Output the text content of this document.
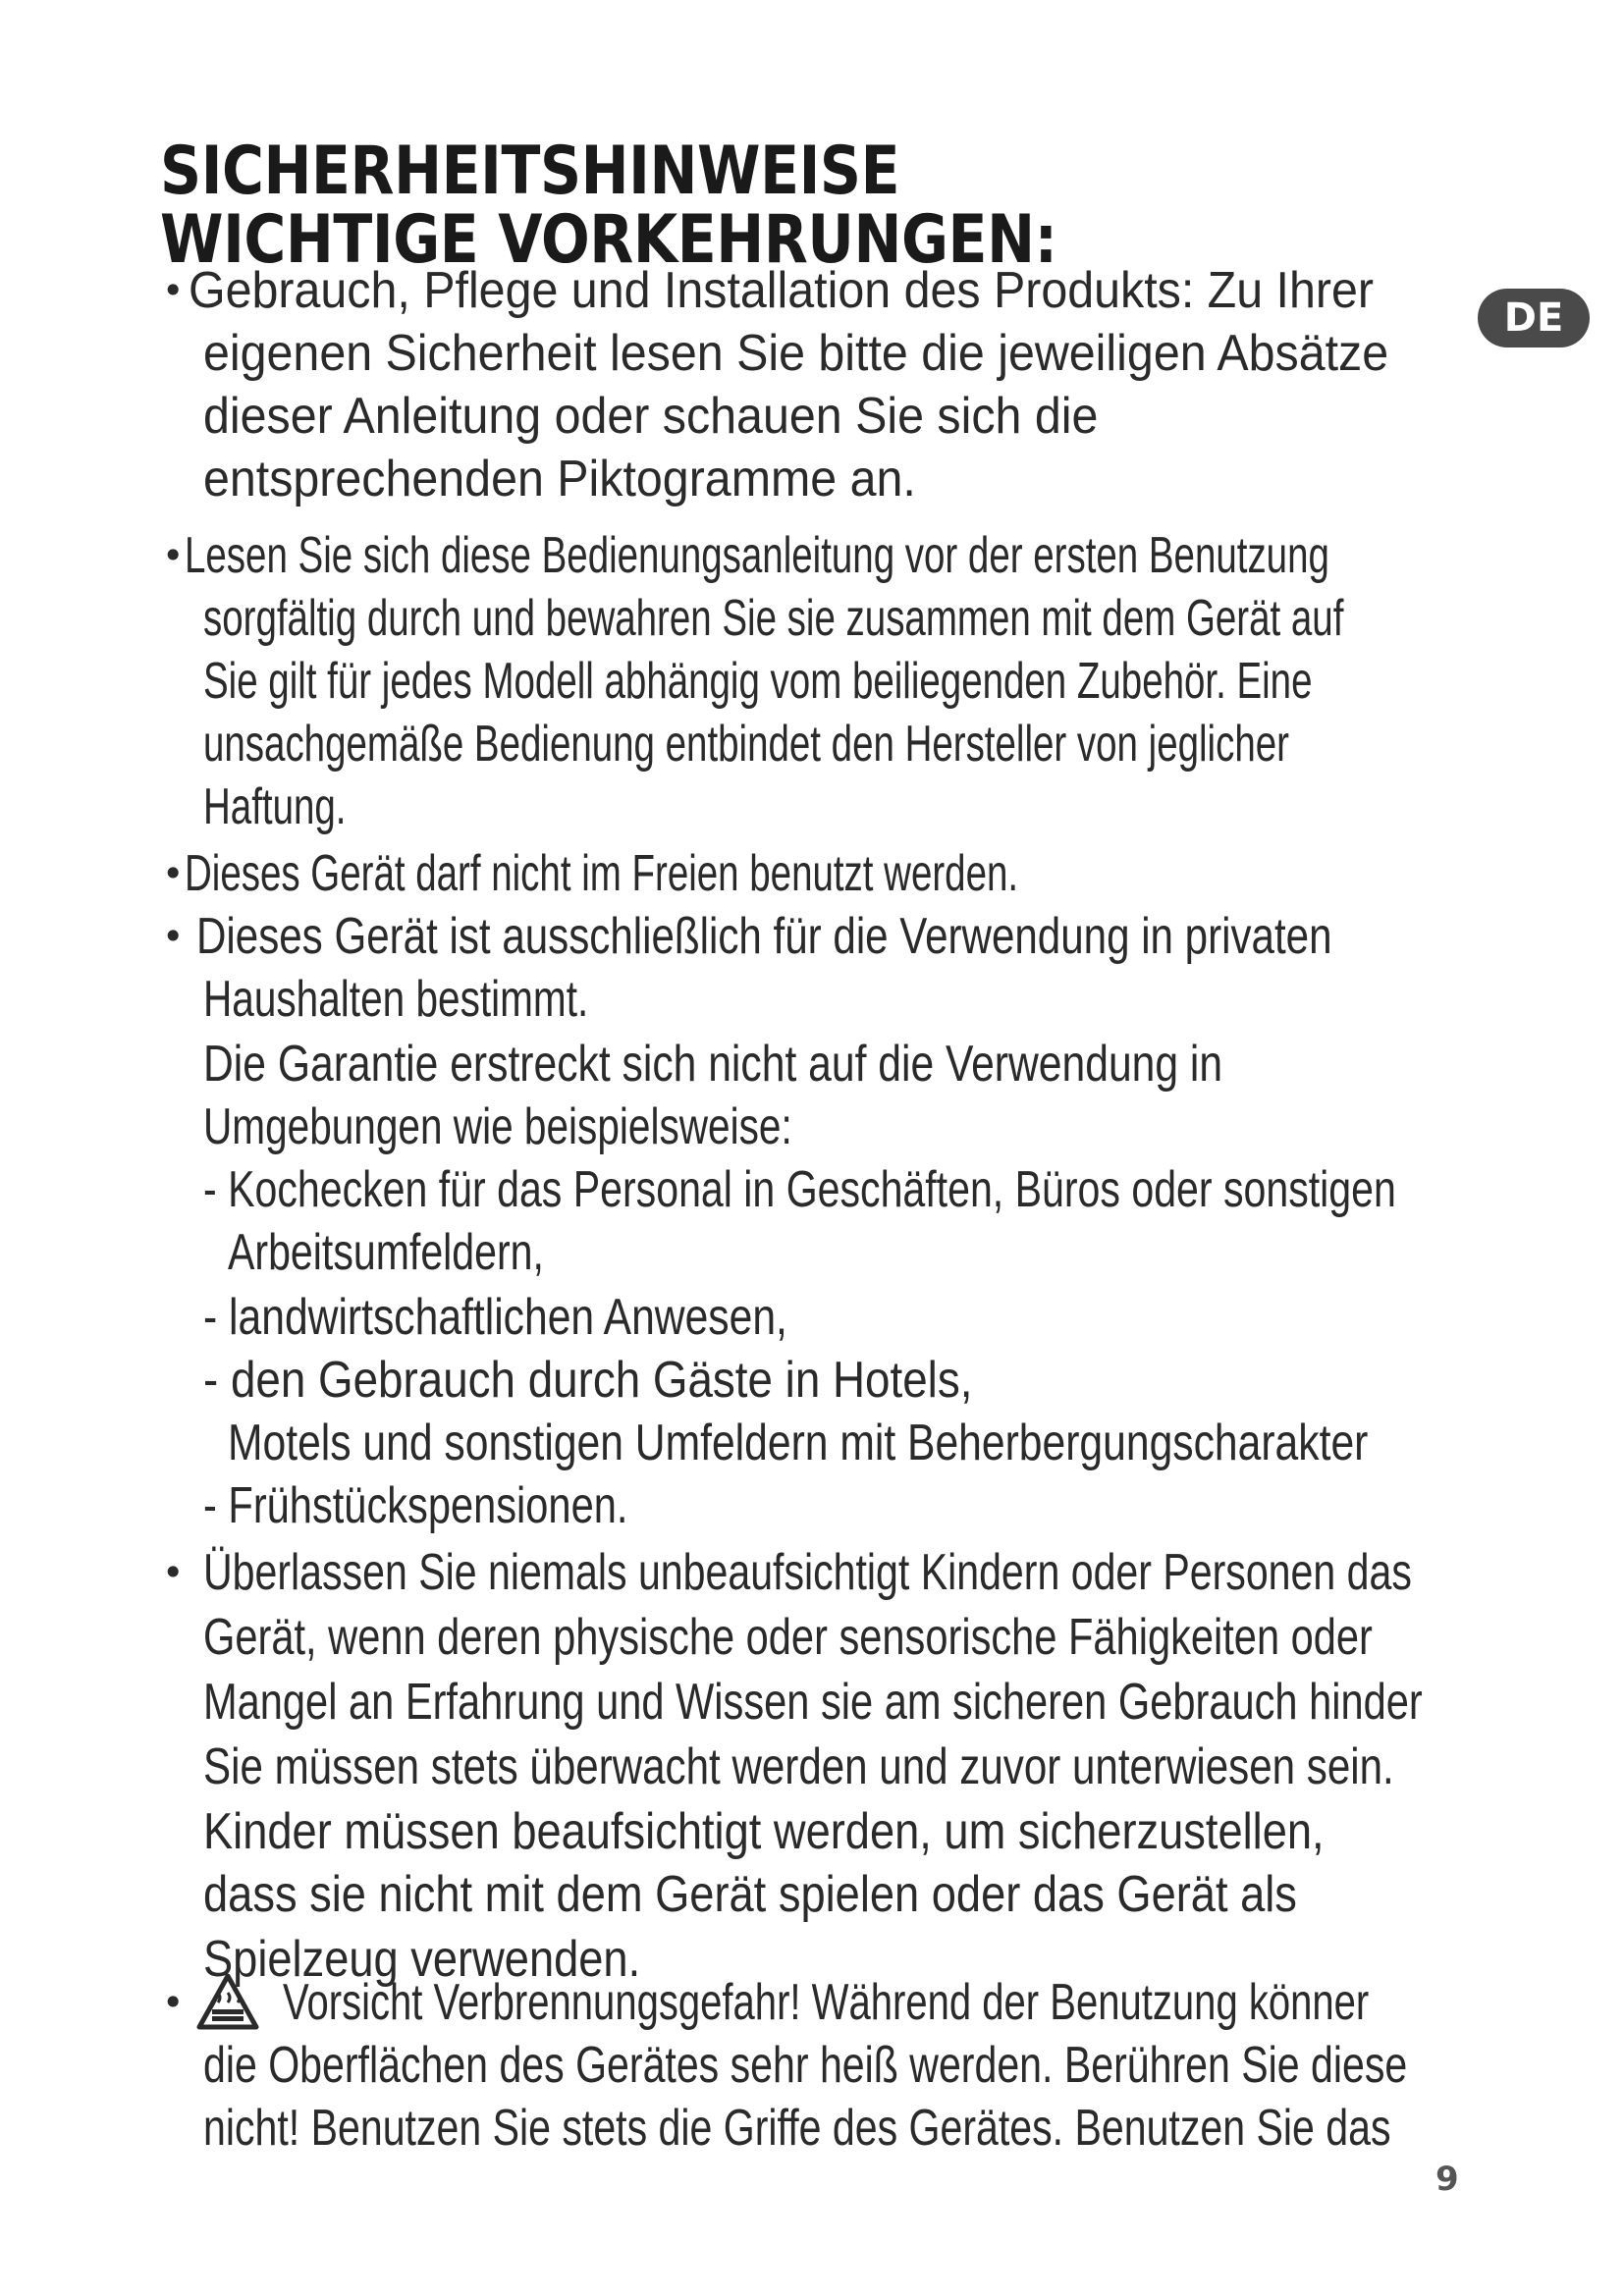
SICHERHEITSHINWEISE
WICHTIGE VORKEHRUNGEN:
DE
• Gebrauch, Pflege und Installation des Produkts: Zu Ihrer
eigenen Sicherheit lesen Sie bitte die jeweiligen Absätze
dieser Anleitung oder schauen Sie sich die
entsprechenden Piktogramme an.
• Lesen Sie sich diese Bedienungsanleitung vor der ersten Benutzung
sorgfältig durch und bewahren Sie sie zusammen mit dem Gerät auf
Sie gilt für jedes Modell abhängig vom beiliegenden Zubehör. Eine
unsachgemäße Bedienung entbindet den Hersteller von jeglicher
Haftung.
• Dieses Gerät darf nicht im Freien benutzt werden.
• Dieses Gerät ist ausschließlich für die Verwendung in privaten
Haushalten bestimmt.
Die Garantie erstreckt sich nicht auf die Verwendung in
Umgebungen wie beispielsweise:
- Kochecken für das Personal in Geschäften, Büros oder sonstigen
Arbeitsumfeldern,
- landwirtschaftlichen Anwesen,
- den Gebrauch durch Gäste in Hotels,
Motels und sonstigen Umfeldern mit Beherbergungscharakter
- Frühstückspensionen.
• Überlassen Sie niemals unbeaufsichtigt Kindern oder Personen das
Gerät, wenn deren physische oder sensorische Fähigkeiten oder
Mangel an Erfahrung und Wissen sie am sicheren Gebrauch hinder
Sie müssen stets überwacht werden und zuvor unterwiesen sein.
Kinder müssen beaufsichtigt werden, um sicherzustellen,
dass sie nicht mit dem Gerät spielen oder das Gerät als
Spielzeug verwenden.
• Vorsicht Verbrennungsgefahr! Während der Benutzung könner
die Oberflächen des Gerätes sehr heiß werden. Berühren Sie diese
nicht! Benutzen Sie stets die Griffe des Gerätes. Benutzen Sie das
9
